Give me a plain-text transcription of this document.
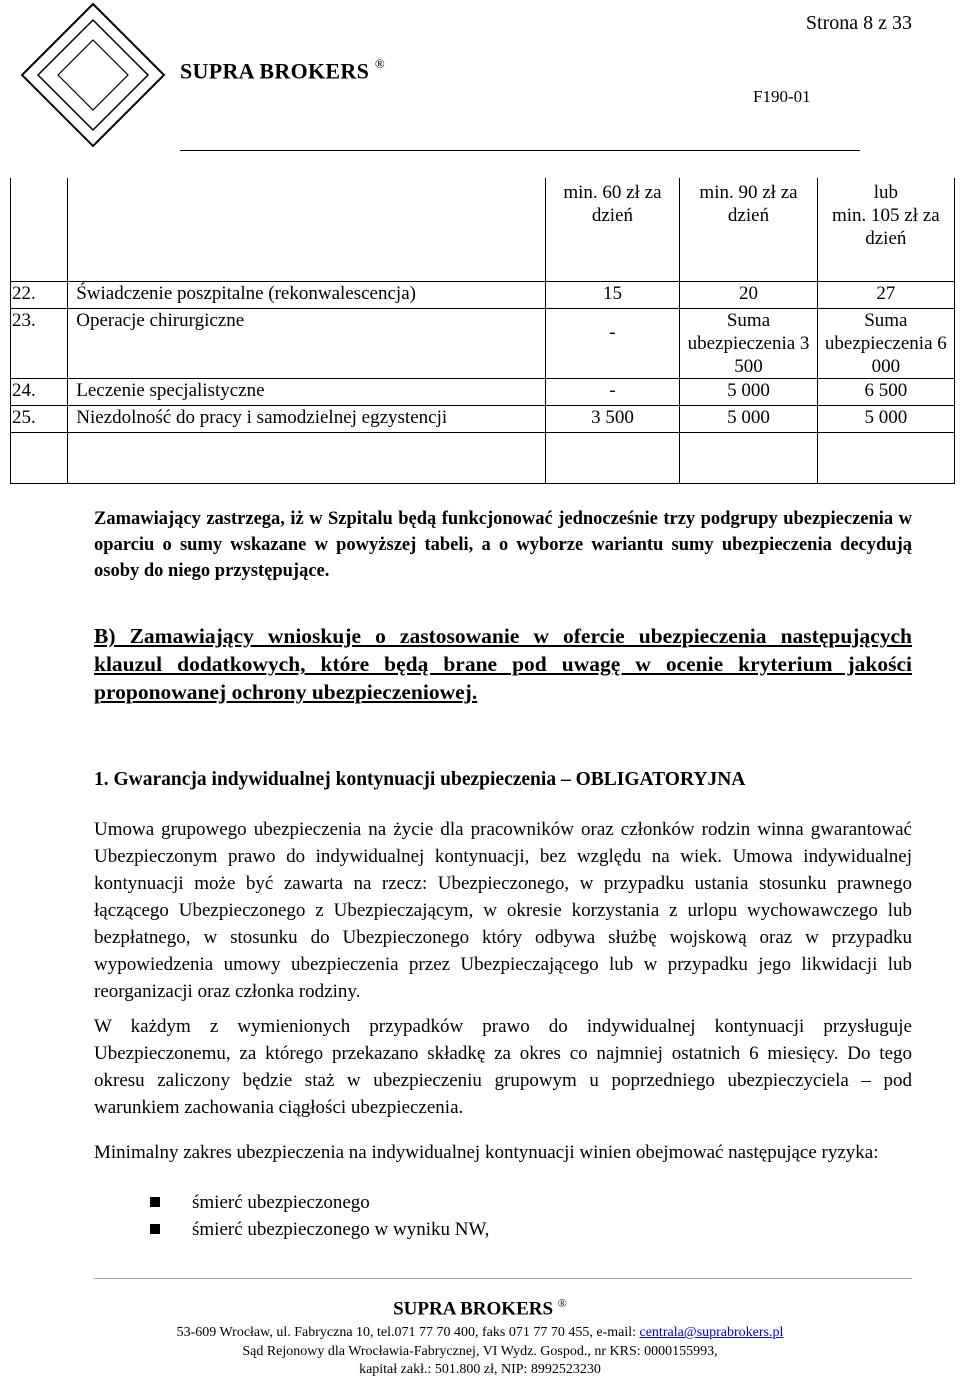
Strona 8 z 33
SUPRA BROKERS ®
F190-01
		min. 60 zł za dzień	min. 90 zł za dzień	lub
min. 105 zł za dzień
22.	Świadczenie poszpitalne (rekonwalescencja)	15	20	27
23.	Operacje chirurgiczne	-	Suma ubezpieczenia 3 500	Suma ubezpieczenia 6 000
24.	Leczenie specjalistyczne	-	5 000	6 500
25.	Niezdolność do pracy i samodzielnej egzystencji	3 500	5 000	5 000

Zamawiający zastrzega, iż w Szpitalu będą funkcjonować jednocześnie trzy podgrupy ubezpieczenia w oparciu o sumy wskazane w powyższej tabeli, a o wyborze wariantu sumy ubezpieczenia decydują osoby do niego przystępujące.

B) Zamawiający wnioskuje o zastosowanie w ofercie ubezpieczenia następujących klauzul dodatkowych, które będą brane pod uwagę w ocenie kryterium jakości proponowanej ochrony ubezpieczeniowej.

1. Gwarancja indywidualnej kontynuacji ubezpieczenia – OBLIGATORYJNA

Umowa grupowego ubezpieczenia na życie dla pracowników oraz członków rodzin winna gwarantować Ubezpieczonym prawo do indywidualnej kontynuacji, bez względu na wiek. Umowa indywidualnej kontynuacji może być zawarta na rzecz: Ubezpieczonego, w przypadku ustania stosunku prawnego łączącego Ubezpieczonego z Ubezpieczającym, w okresie korzystania z urlopu wychowawczego lub bezpłatnego, w stosunku do Ubezpieczonego który odbywa służbę wojskową oraz w przypadku wypowiedzenia umowy ubezpieczenia przez Ubezpieczającego lub w przypadku jego likwidacji lub reorganizacji oraz członka rodziny.

W każdym z wymienionych przypadków prawo do indywidualnej kontynuacji przysługuje Ubezpieczonemu, za którego przekazano składkę za okres co najmniej ostatnich 6 miesięcy. Do tego okresu zaliczony będzie staż w ubezpieczeniu grupowym u poprzedniego ubezpieczyciela – pod warunkiem zachowania ciągłości ubezpieczenia.

Minimalny zakres ubezpieczenia na indywidualnej kontynuacji winien obejmować następujące ryzyka:

śmierć ubezpieczonego
śmierć ubezpieczonego w wyniku NW,
SUPRA BROKERS ®
53-609 Wrocław, ul. Fabryczna 10, tel.071 77 70 400, faks 071 77 70 455, e-mail: centrala@suprabrokers.pl
Sąd Rejonowy dla Wrocławia-Fabrycznej, VI Wydz. Gospod., nr KRS: 0000155993,
kapitał zakł.: 501.800 zł, NIP: 8992523230
